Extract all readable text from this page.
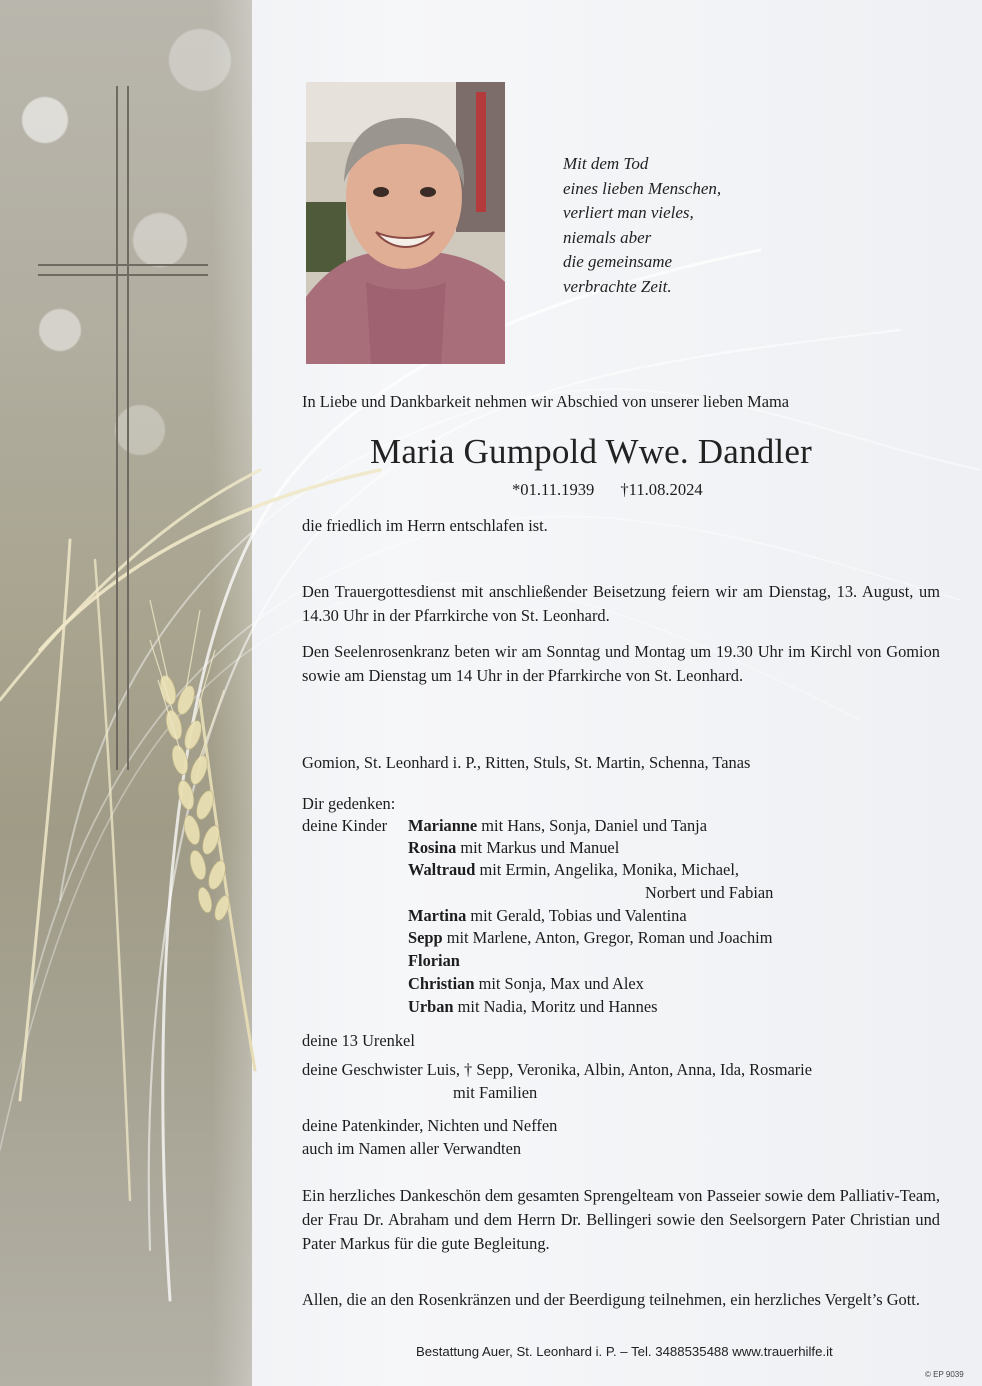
Mit dem Tod
eines lieben Menschen,
verliert man vieles,
niemals aber
die gemeinsame
verbrachte Zeit.
In Liebe und Dankbarkeit nehmen wir Abschied von unserer lieben Mama
Maria Gumpold Wwe. Dandler
*01.11.1939 †11.08.2024
die friedlich im Herrn entschlafen ist.
Den Trauergottesdienst mit anschließender Beisetzung feiern wir am Dienstag, 13. August, um 14.30 Uhr in der Pfarrkirche von St. Leonhard.
Den Seelenrosenkranz beten wir am Sonntag und Montag um 19.30 Uhr im Kirchl von Gomion sowie am Dienstag um 14 Uhr in der Pfarrkirche von St. Leonhard.
Gomion, St. Leonhard i. P., Ritten, Stuls, St. Martin, Schenna, Tanas
Dir gedenken:
deine Kinder Marianne mit Hans, Sonja, Daniel und Tanja
Rosina mit Markus und Manuel
Waltraud mit Ermin, Angelika, Monika, Michael,
Norbert und Fabian
Martina mit Gerald, Tobias und Valentina
Sepp mit Marlene, Anton, Gregor, Roman und Joachim
Florian
Christian mit Sonja, Max und Alex
Urban mit Nadia, Moritz und Hannes
deine 13 Urenkel
deine Geschwister Luis, † Sepp, Veronika, Albin, Anton, Anna, Ida, Rosmarie
mit Familien
deine Patenkinder, Nichten und Neffen
auch im Namen aller Verwandten
Ein herzliches Dankeschön dem gesamten Sprengelteam von Passeier sowie dem Palliativ-Team, der Frau Dr. Abraham und dem Herrn Dr. Bellingeri sowie den Seelsorgern Pater Christian und Pater Markus für die gute Begleitung.
Allen, die an den Rosenkränzen und der Beerdigung teilnehmen, ein herzliches Vergelt’s Gott.
Bestattung Auer, St. Leonhard i. P. – Tel. 3488535488 www.trauerhilfe.it
© EP 9039
